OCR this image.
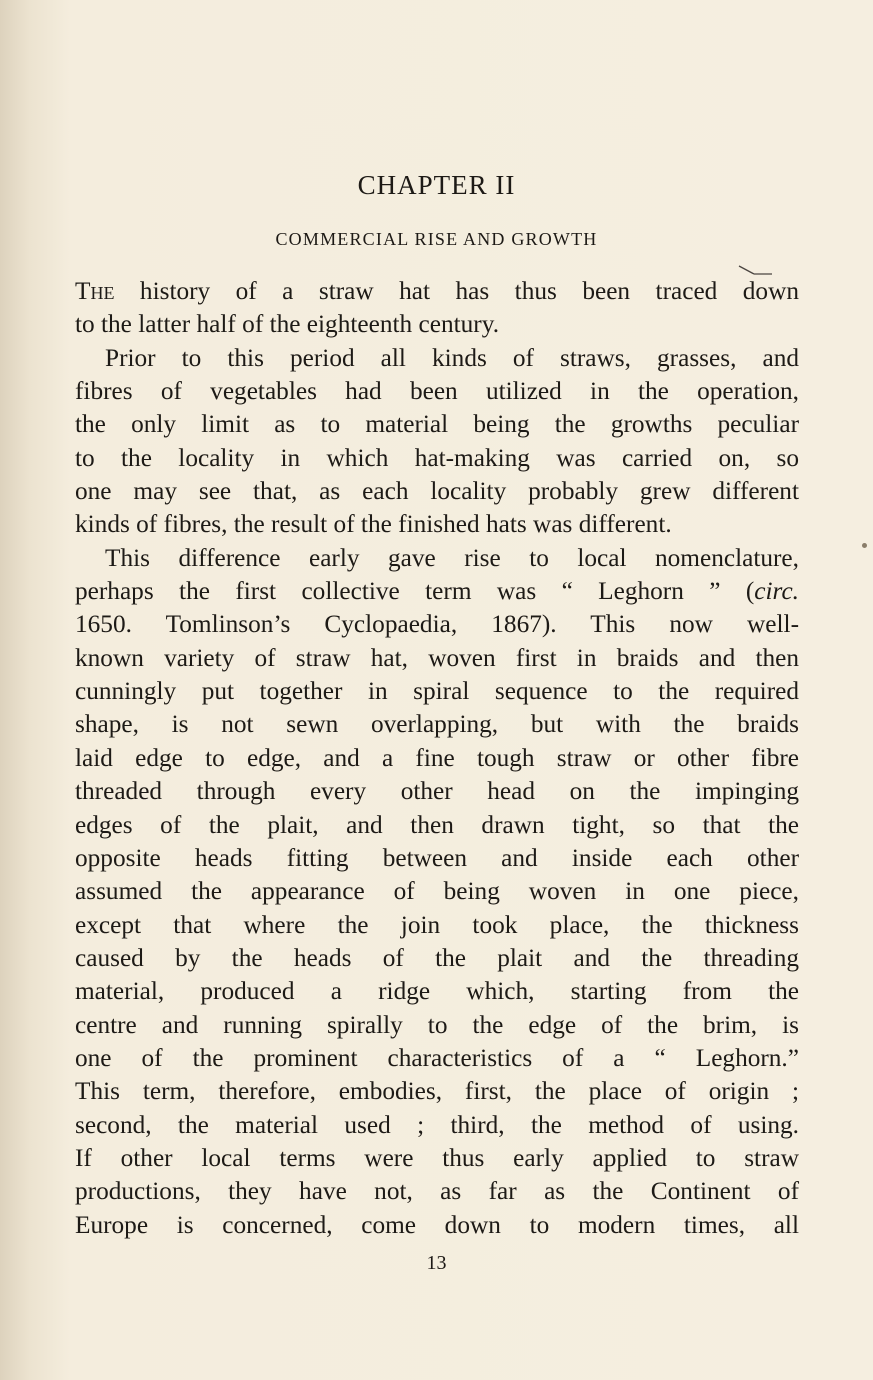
CHAPTER II
COMMERCIAL RISE AND GROWTH
The history of a straw hat has thus been traced down
to the latter half of the eighteenth century.
Prior to this period all kinds of straws, grasses, and
fibres of vegetables had been utilized in the operation,
the only limit as to material being the growths peculiar
to the locality in which hat-making was carried on, so
one may see that, as each locality probably grew different
kinds of fibres, the result of the finished hats was different.
This difference early gave rise to local nomenclature,
perhaps the first collective term was “ Leghorn ” (circ.
1650. Tomlinson’s Cyclopaedia, 1867). This now well-
known variety of straw hat, woven first in braids and then
cunningly put together in spiral sequence to the required
shape, is not sewn overlapping, but with the braids
laid edge to edge, and a fine tough straw or other fibre
threaded through every other head on the impinging
edges of the plait, and then drawn tight, so that the
opposite heads fitting between and inside each other
assumed the appearance of being woven in one piece,
except that where the join took place, the thickness
caused by the heads of the plait and the threading
material, produced a ridge which, starting from the
centre and running spirally to the edge of the brim, is
one of the prominent characteristics of a “ Leghorn.”
This term, therefore, embodies, first, the place of origin ;
second, the material used ; third, the method of using.
If other local terms were thus early applied to straw
productions, they have not, as far as the Continent of
Europe is concerned, come down to modern times, all
13
